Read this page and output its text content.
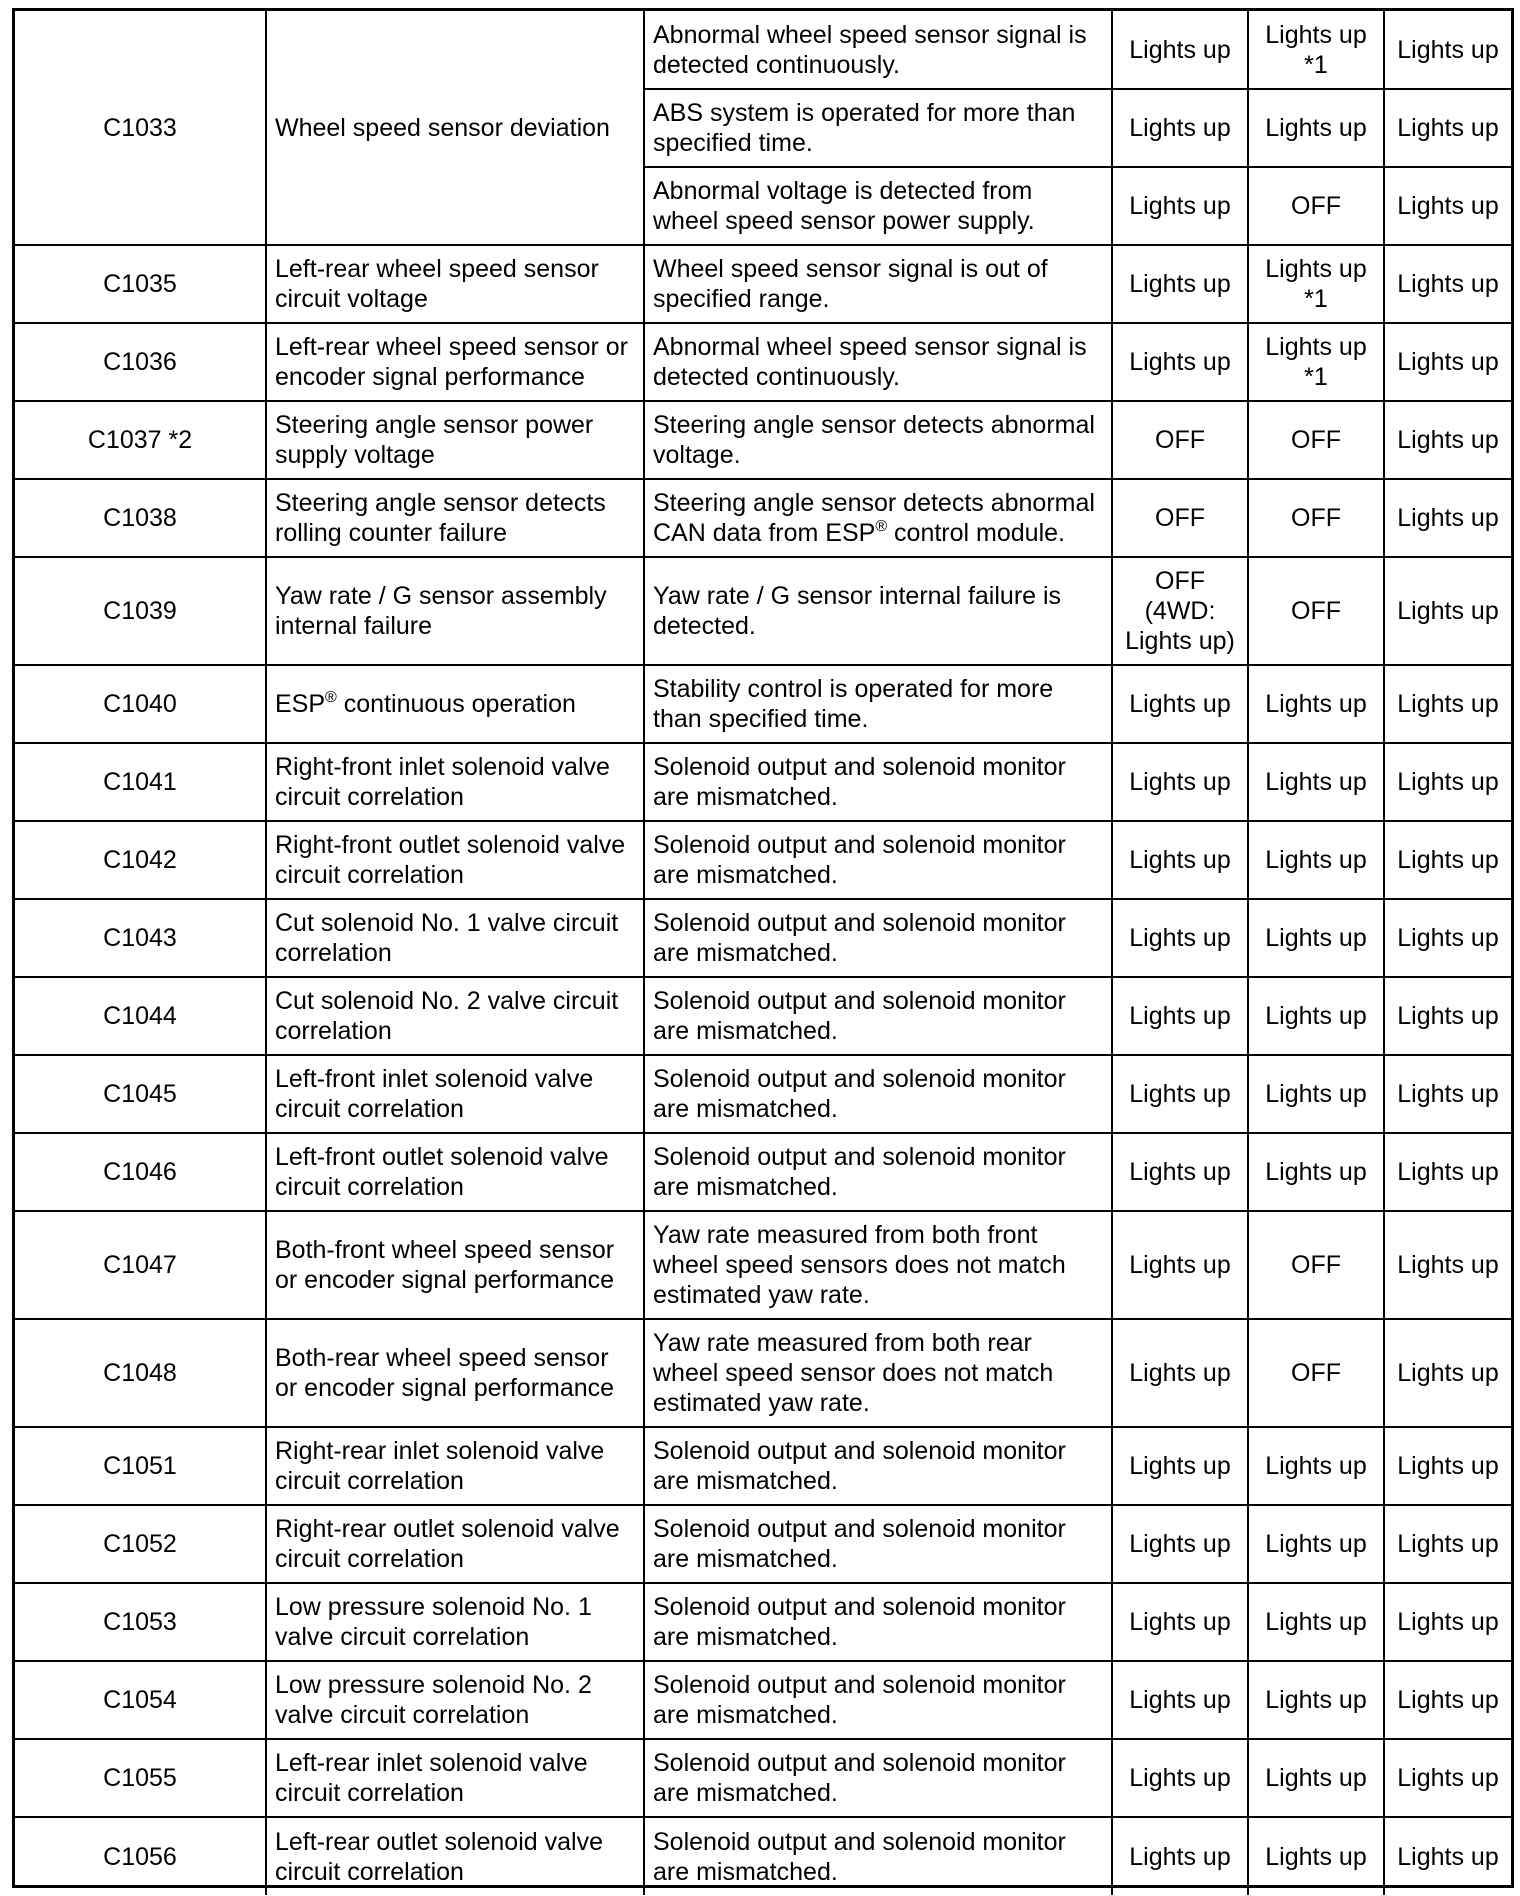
C1033	Wheel speed sensor deviation	Abnormal wheel speed sensor signal is detected continuously.	Lights up	Lights up *1	Lights up
		ABS system is operated for more than specified time.	Lights up	Lights up	Lights up
		Abnormal voltage is detected from wheel speed sensor power supply.	Lights up	OFF	Lights up
C1035	Left-rear wheel speed sensor circuit voltage	Wheel speed sensor signal is out of specified range.	Lights up	Lights up *1	Lights up
C1036	Left-rear wheel speed sensor or encoder signal performance	Abnormal wheel speed sensor signal is detected continuously.	Lights up	Lights up *1	Lights up
C1037 *2	Steering angle sensor power supply voltage	Steering angle sensor detects abnormal voltage.	OFF	OFF	Lights up
C1038	Steering angle sensor detects rolling counter failure	Steering angle sensor detects abnormal CAN data from ESP® control module.	OFF	OFF	Lights up
C1039	Yaw rate / G sensor assembly internal failure	Yaw rate / G sensor internal failure is detected.	OFF (4WD: Lights up)	OFF	Lights up
C1040	ESP® continuous operation	Stability control is operated for more than specified time.	Lights up	Lights up	Lights up
C1041	Right-front inlet solenoid valve circuit correlation	Solenoid output and solenoid monitor are mismatched.	Lights up	Lights up	Lights up
C1042	Right-front outlet solenoid valve circuit correlation	Solenoid output and solenoid monitor are mismatched.	Lights up	Lights up	Lights up
C1043	Cut solenoid No. 1 valve circuit correlation	Solenoid output and solenoid monitor are mismatched.	Lights up	Lights up	Lights up
C1044	Cut solenoid No. 2 valve circuit correlation	Solenoid output and solenoid monitor are mismatched.	Lights up	Lights up	Lights up
C1045	Left-front inlet solenoid valve circuit correlation	Solenoid output and solenoid monitor are mismatched.	Lights up	Lights up	Lights up
C1046	Left-front outlet solenoid valve circuit correlation	Solenoid output and solenoid monitor are mismatched.	Lights up	Lights up	Lights up
C1047	Both-front wheel speed sensor or encoder signal performance	Yaw rate measured from both front wheel speed sensors does not match estimated yaw rate.	Lights up	OFF	Lights up
C1048	Both-rear wheel speed sensor or encoder signal performance	Yaw rate measured from both rear wheel speed sensor does not match estimated yaw rate.	Lights up	OFF	Lights up
C1051	Right-rear inlet solenoid valve circuit correlation	Solenoid output and solenoid monitor are mismatched.	Lights up	Lights up	Lights up
C1052	Right-rear outlet solenoid valve circuit correlation	Solenoid output and solenoid monitor are mismatched.	Lights up	Lights up	Lights up
C1053	Low pressure solenoid No. 1 valve circuit correlation	Solenoid output and solenoid monitor are mismatched.	Lights up	Lights up	Lights up
C1054	Low pressure solenoid No. 2 valve circuit correlation	Solenoid output and solenoid monitor are mismatched.	Lights up	Lights up	Lights up
C1055	Left-rear inlet solenoid valve circuit correlation	Solenoid output and solenoid monitor are mismatched.	Lights up	Lights up	Lights up
C1056	Left-rear outlet solenoid valve circuit correlation	Solenoid output and solenoid monitor are mismatched.	Lights up	Lights up	Lights up
